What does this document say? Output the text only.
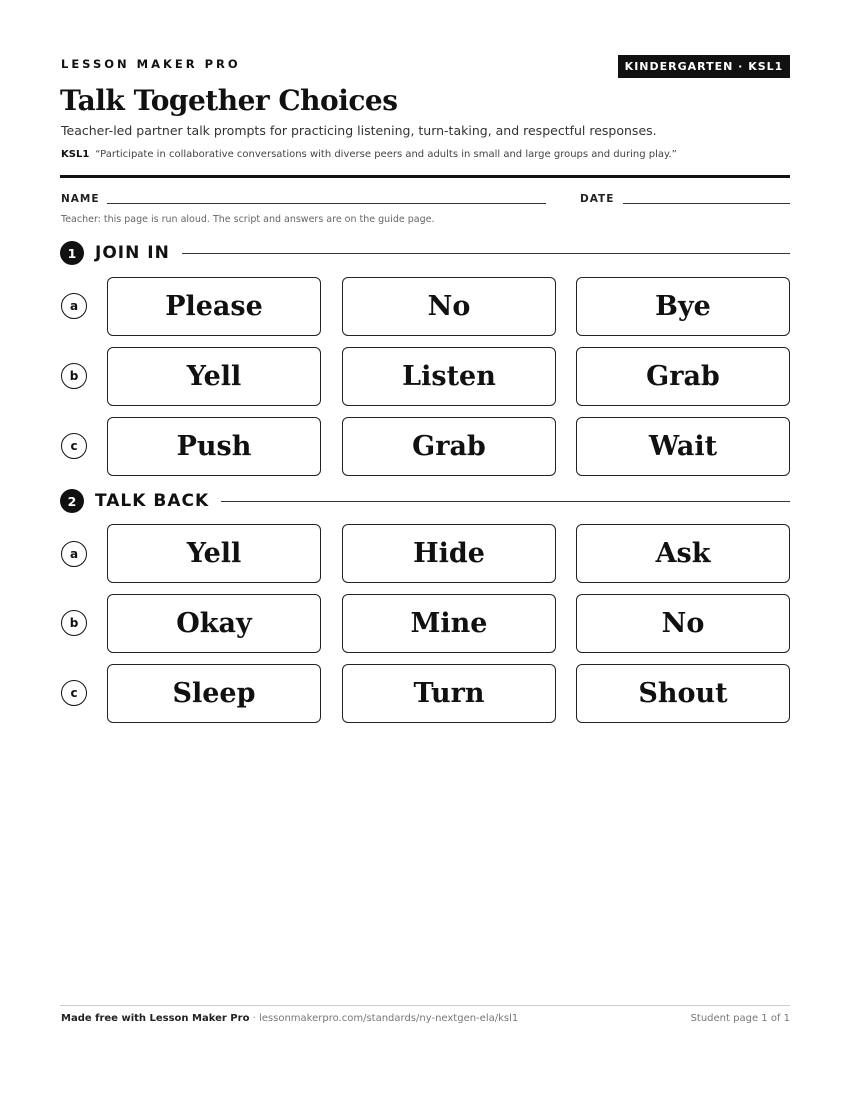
LESSON MAKER PRO	KINDERGARTEN · KSL1
Talk Together Choices
Teacher-led partner talk prompts for practicing listening, turn-taking, and respectful responses.
KSL1 “Participate in collaborative conversations with diverse peers and adults in small and large groups and during play.”
NAME	DATE
Teacher: this page is run aloud. The script and answers are on the guide page.
1	JOIN IN
a	Please	No	Bye
b	Yell	Listen	Grab
c	Push	Grab	Wait
2	TALK BACK
a	Yell	Hide	Ask
b	Okay	Mine	No
c	Sleep	Turn	Shout
Made free with Lesson Maker Pro · lessonmakerpro.com/standards/ny-nextgen-ela/ksl1	Student page 1 of 1
